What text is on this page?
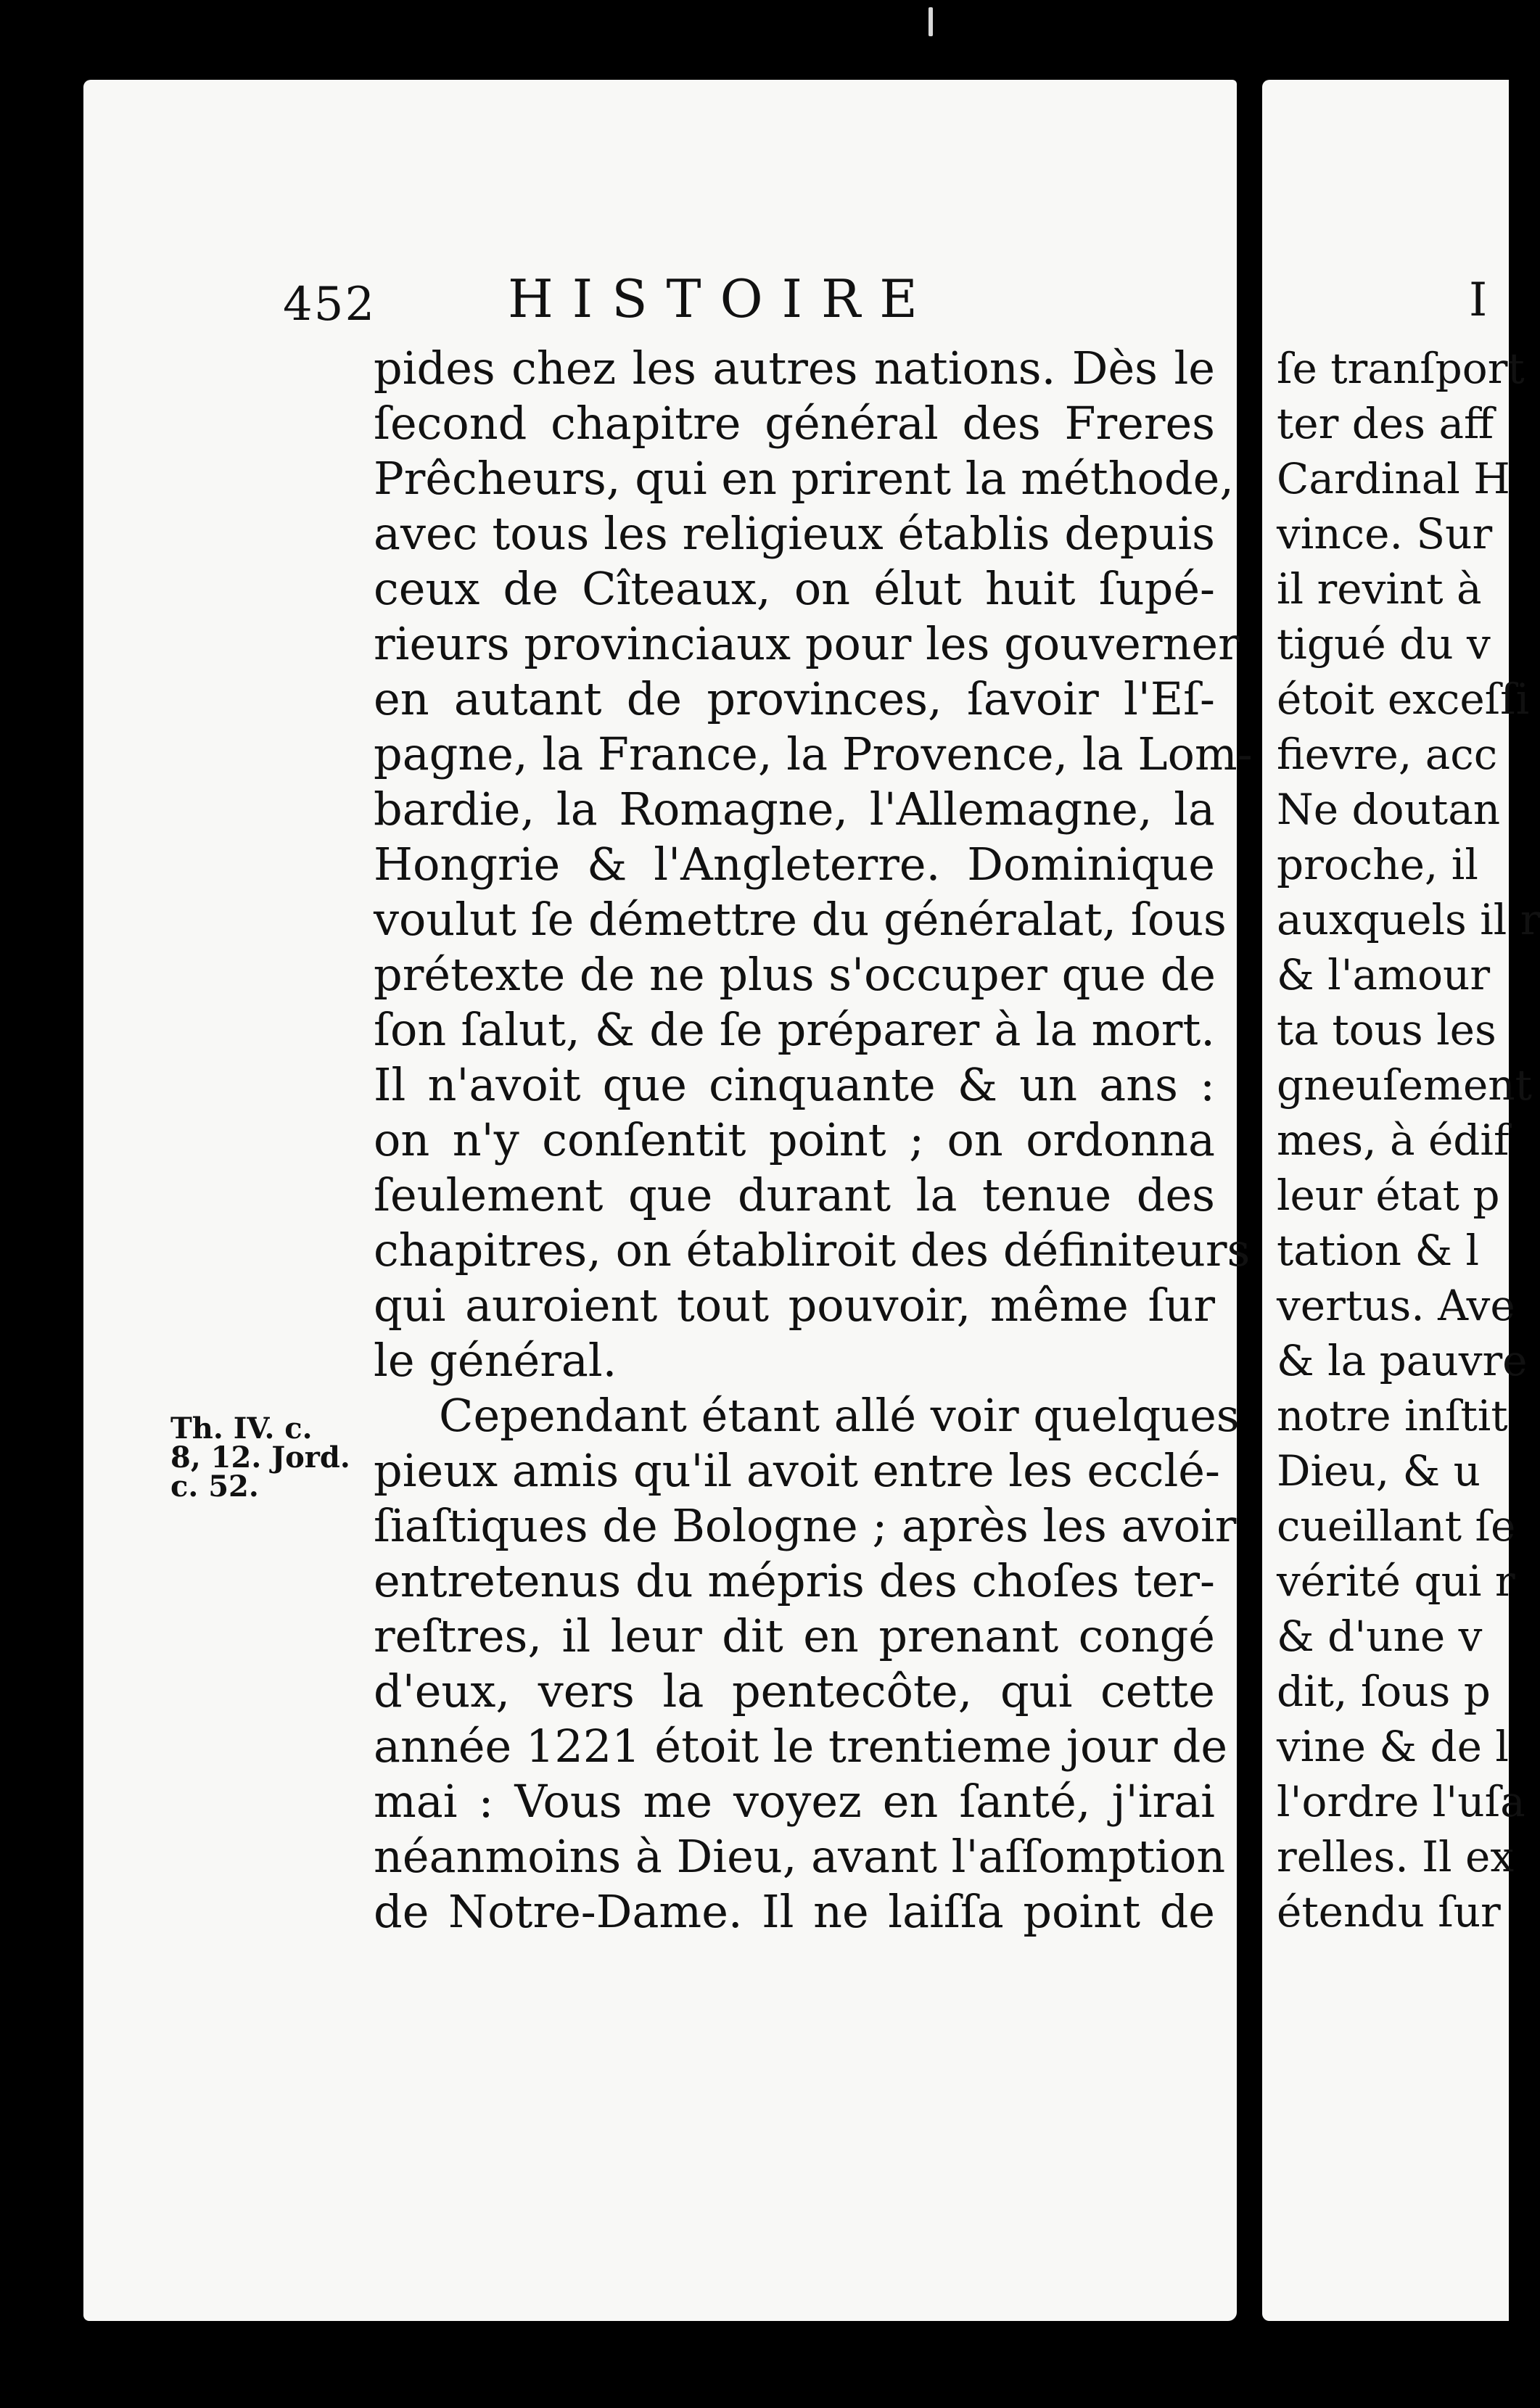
452	HISTOIRE	I
pides chez les autres nations. Dès le
ſecond chapitre général des Freres
Prêcheurs, qui en prirent la méthode,
avec tous les religieux établis depuis
ceux de Cîteaux, on élut huit ſupé-
rieurs provinciaux pour les gouverner
en autant de provinces, ſavoir l'Eſ-
pagne, la France, la Provence, la Lom-
bardie, la Romagne, l'Allemagne, la
Hongrie & l'Angleterre. Dominique
voulut ſe démettre du généralat, ſous
prétexte de ne plus s'occuper que de
ſon ſalut, & de ſe préparer à la mort.
Il n'avoit que cinquante & un ans :
on n'y conſentit point ; on ordonna
ſeulement que durant la tenue des
chapitres, on établiroit des définiteurs
qui auroient tout pouvoir, même ſur
le général.
Cependant étant allé voir quelques
pieux amis qu'il avoit entre les ecclé-
ſiaſtiques de Bologne ; après les avoir
entretenus du mépris des choſes ter-
reſtres, il leur dit en prenant congé
d'eux, vers la pentecôte, qui cette
année 1221 étoit le trentieme jour de
mai : Vous me voyez en ſanté, j'irai
néanmoins à Dieu, avant l'aſſomption
de Notre-Dame. Il ne laiſſa point de
Th. IV. c.
8, 12. Jord.
c. 52.
ſe tranſport
ter des aff
Cardinal H
vince. Sur
il revint à
tigué du v
étoit exceſſi
fievre, acc
Ne doutan
proche, il
auxquels il r
& l'amour
ta tous les
gneuſement
mes, à édif
leur état p
tation & l
vertus. Ave
& la pauvre
notre inſtit
Dieu, & u
cueillant ſe
vérité qui r
& d'une v
dit, ſous p
vine & de l
l'ordre l'uſa
relles. Il ex
étendu ſur
